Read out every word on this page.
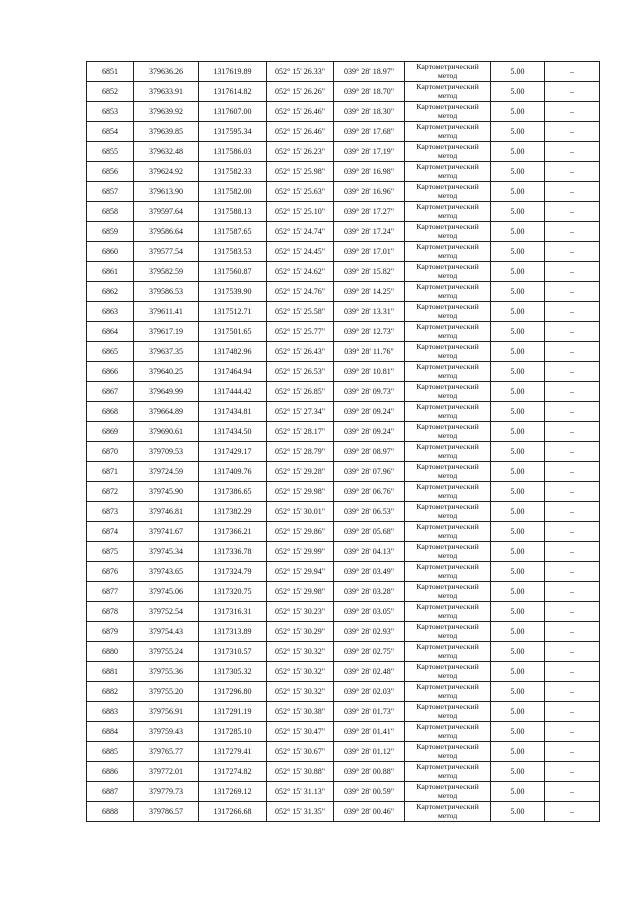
6851	379636.26	1317619.89	052° 15' 26.33"	039° 28' 18.97"	Картометрический метод	5.00	–
6852	379633.91	1317614.82	052° 15' 26.26"	039° 28' 18.70"	Картометрический метод	5.00	–
6853	379639.92	1317607.00	052° 15' 26.46"	039° 28' 18.30"	Картометрический метод	5.00	–
6854	379639.85	1317595.34	052° 15' 26.46"	039° 28' 17.68"	Картометрический метод	5.00	–
6855	379632.48	1317586.03	052° 15' 26.23"	039° 28' 17.19"	Картометрический метод	5.00	–
6856	379624.92	1317582.33	052° 15' 25.98"	039° 28' 16.98"	Картометрический метод	5.00	–
6857	379613.90	1317582.00	052° 15' 25.63"	039° 28' 16.96"	Картометрический метод	5.00	–
6858	379597.64	1317588.13	052° 15' 25.10"	039° 28' 17.27"	Картометрический метод	5.00	–
6859	379586.64	1317587.65	052° 15' 24.74"	039° 28' 17.24"	Картометрический метод	5.00	–
6860	379577.54	1317583.53	052° 15' 24.45"	039° 28' 17.01"	Картометрический метод	5.00	–
6861	379582.59	1317560.87	052° 15' 24.62"	039° 28' 15.82"	Картометрический метод	5.00	–
6862	379586.53	1317539.90	052° 15' 24.76"	039° 28' 14.25"	Картометрический метод	5.00	–
6863	379611.41	1317512.71	052° 15' 25.58"	039° 28' 13.31"	Картометрический метод	5.00	–
6864	379617.19	1317501.65	052° 15' 25.77"	039° 28' 12.73"	Картометрический метод	5.00	–
6865	379637.35	1317482.96	052° 15' 26.43"	039° 28' 11.76"	Картометрический метод	5.00	–
6866	379640.25	1317464.94	052° 15' 26.53"	039° 28' 10.81"	Картометрический метод	5.00	–
6867	379649.99	1317444.42	052° 15' 26.85"	039° 28' 09.73"	Картометрический метод	5.00	–
6868	379664.89	1317434.81	052° 15' 27.34"	039° 28' 09.24"	Картометрический метод	5.00	–
6869	379690.61	1317434.50	052° 15' 28.17"	039° 28' 09.24"	Картометрический метод	5.00	–
6870	379709.53	1317429.17	052° 15' 28.79"	039° 28' 08.97"	Картометрический метод	5.00	–
6871	379724.59	1317409.76	052° 15' 29.28"	039° 28' 07.96"	Картометрический метод	5.00	–
6872	379745.90	1317386.65	052° 15' 29.98"	039° 28' 06.76"	Картометрический метод	5.00	–
6873	379746.81	1317382.29	052° 15' 30.01"	039° 28' 06.53"	Картометрический метод	5.00	–
6874	379741.67	1317366.21	052° 15' 29.86"	039° 28' 05.68"	Картометрический метод	5.00	–
6875	379745.34	1317336.78	052° 15' 29.99"	039° 28' 04.13"	Картометрический метод	5.00	–
6876	379743.65	1317324.79	052° 15' 29.94"	039° 28' 03.49"	Картометрический метод	5.00	–
6877	379745.06	1317320.75	052° 15' 29.98"	039° 28' 03.28"	Картометрический метод	5.00	–
6878	379752.54	1317316.31	052° 15' 30.23"	039° 28' 03.05"	Картометрический метод	5.00	–
6879	379754.43	1317313.89	052° 15' 30.29"	039° 28' 02.93"	Картометрический метод	5.00	–
6880	379755.24	1317310.57	052° 15' 30.32"	039° 28' 02.75"	Картометрический метод	5.00	–
6881	379755.36	1317305.32	052° 15' 30.32"	039° 28' 02.48"	Картометрический метод	5.00	–
6882	379755.20	1317296.80	052° 15' 30.32"	039° 28' 02.03"	Картометрический метод	5.00	–
6883	379756.91	1317291.19	052° 15' 30.38"	039° 28' 01.73"	Картометрический метод	5.00	–
6884	379759.43	1317285.10	052° 15' 30.47"	039° 28' 01.41"	Картометрический метод	5.00	–
6885	379765.77	1317279.41	052° 15' 30.67"	039° 28' 01.12"	Картометрический метод	5.00	–
6886	379772.01	1317274.82	052° 15' 30.88"	039° 28' 00.88"	Картометрический метод	5.00	–
6887	379779.73	1317269.12	052° 15' 31.13"	039° 28' 00.59"	Картометрический метод	5.00	–
6888	379786.57	1317266.68	052° 15' 31.35"	039° 28' 00.46"	Картометрический метод	5.00	–
